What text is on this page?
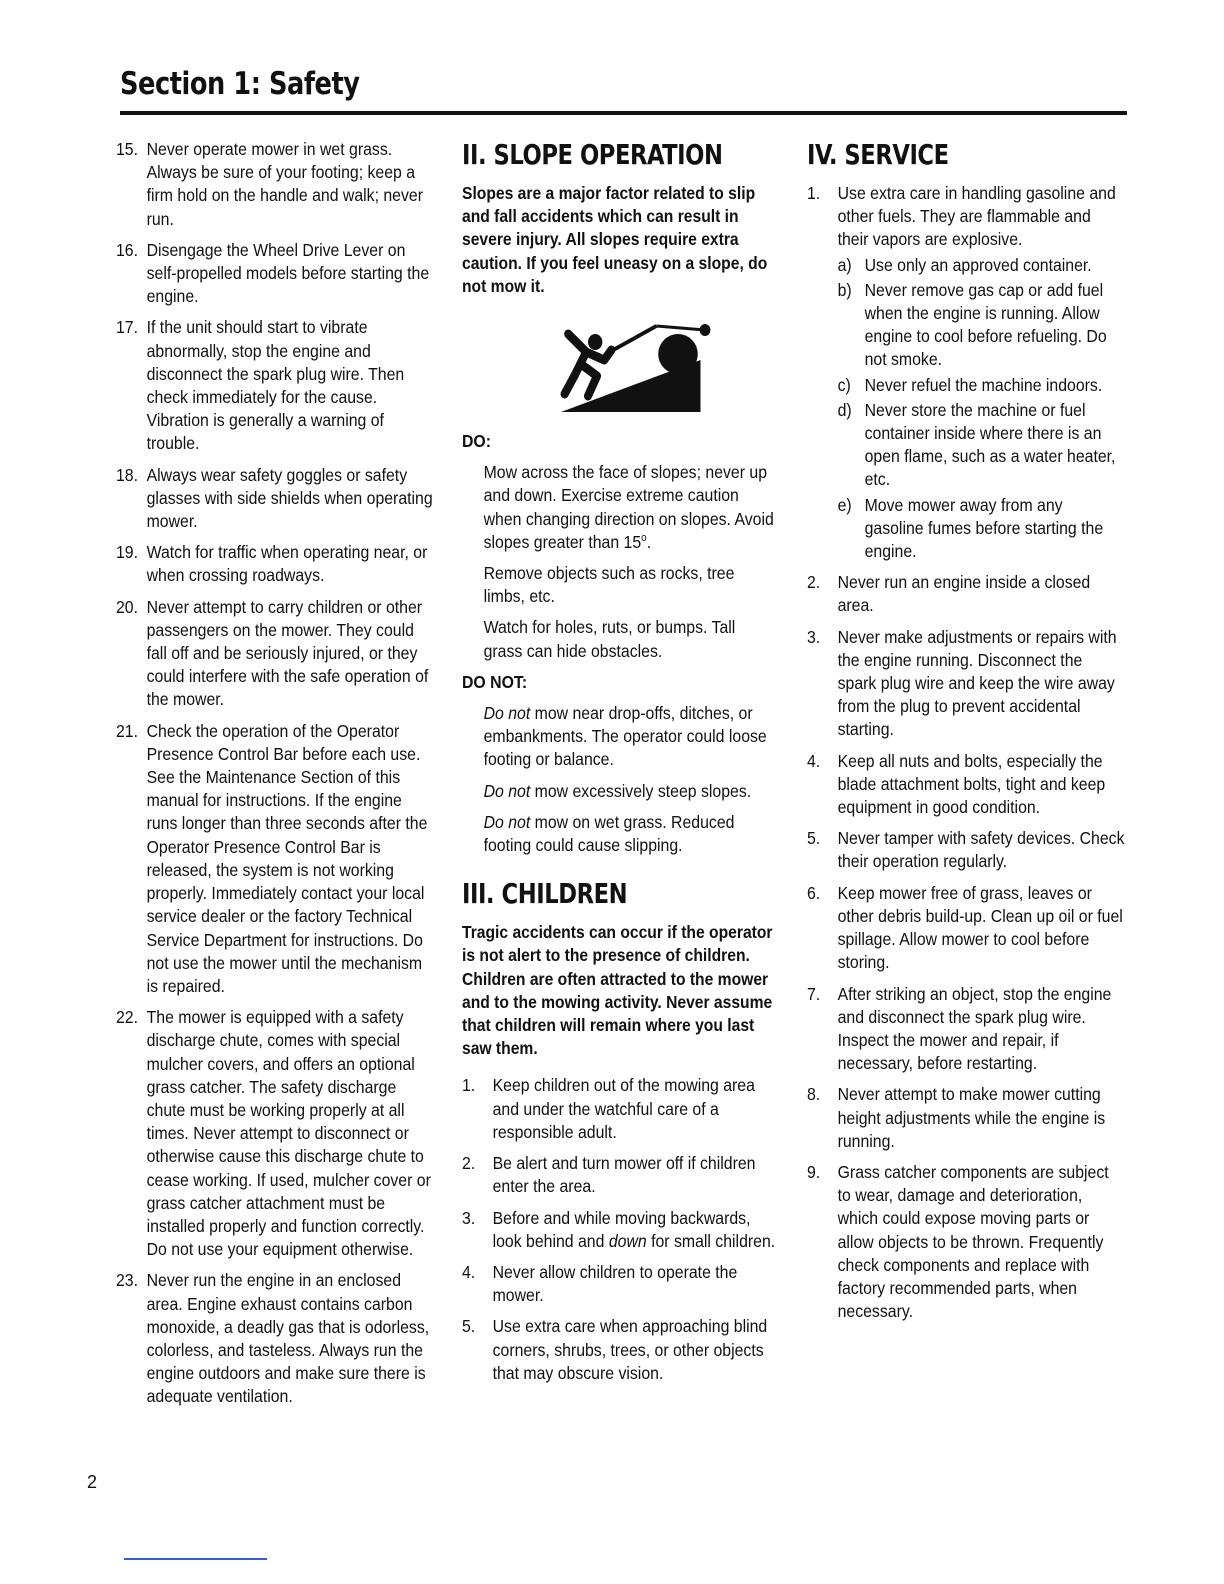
Section 1: Safety
15. Never operate mower in wet grass. Always be sure of your footing; keep a firm hold on the handle and walk; never run.
16. Disengage the Wheel Drive Lever on self-propelled models before starting the engine.
17. If the unit should start to vibrate abnormally, stop the engine and disconnect the spark plug wire. Then check immediately for the cause. Vibration is generally a warning of trouble.
18. Always wear safety goggles or safety glasses with side shields when operating mower.
19. Watch for traffic when operating near, or when crossing roadways.
20. Never attempt to carry children or other passengers on the mower. They could fall off and be seriously injured, or they could interfere with the safe operation of the mower.
21. Check the operation of the Operator Presence Control Bar before each use. See the Maintenance Section of this manual for instructions. If the engine runs longer than three seconds after the Operator Presence Control Bar is released, the system is not working properly. Immediately contact your local service dealer or the factory Technical Service Department for instructions. Do not use the mower until the mechanism is repaired.
22. The mower is equipped with a safety discharge chute, comes with special mulcher covers, and offers an optional grass catcher. The safety discharge chute must be working properly at all times. Never attempt to disconnect or otherwise cause this discharge chute to cease working. If used, mulcher cover or grass catcher attachment must be installed properly and function correctly. Do not use your equipment otherwise.
23. Never run the engine in an enclosed area. Engine exhaust contains carbon monoxide, a deadly gas that is odorless, colorless, and tasteless. Always run the engine outdoors and make sure there is adequate ventilation.
II. SLOPE OPERATION

Slopes are a major factor related to slip and fall accidents which can result in severe injury. All slopes require extra caution. If you feel uneasy on a slope, do not mow it.

DO:

Mow across the face of slopes; never up and down. Exercise extreme caution when changing direction on slopes. Avoid slopes greater than 15$^o$.

Remove objects such as rocks, tree limbs, etc.

Watch for holes, ruts, or bumps. Tall grass can hide obstacles.

DO NOT:

Do not mow near drop-offs, ditches, or embankments. The operator could loose footing or balance.

Do not mow excessively steep slopes.

Do not mow on wet grass. Reduced footing could cause slipping.

III. CHILDREN

Tragic accidents can occur if the operator is not alert to the presence of children. Children are often attracted to the mower and to the mowing activity. Never assume that children will remain where you last saw them.

1. Keep children out of the mowing area and under the watchful care of a responsible adult.
2. Be alert and turn mower off if children enter the area.
3. Before and while moving backwards, look behind and down for small children.
4. Never allow children to operate the mower.
5. Use extra care when approaching blind corners, shrubs, trees, or other objects that may obscure vision.
IV. SERVICE
1. Use extra care in handling gasoline and other fuels. They are flammable and their vapors are explosive.
a) Use only an approved container.
b) Never remove gas cap or add fuel when the engine is running. Allow engine to cool before refueling. Do not smoke.
c) Never refuel the machine indoors.
d) Never store the machine or fuel container inside where there is an open flame, such as a water heater, etc.
e) Move mower away from any gasoline fumes before starting the engine.
2. Never run an engine inside a closed area.
3. Never make adjustments or repairs with the engine running. Disconnect the spark plug wire and keep the wire away from the plug to prevent accidental starting.
4. Keep all nuts and bolts, especially the blade attachment bolts, tight and keep equipment in good condition.
5. Never tamper with safety devices. Check their operation regularly.
6. Keep mower free of grass, leaves or other debris build-up. Clean up oil or fuel spillage. Allow mower to cool before storing.
7. After striking an object, stop the engine and disconnect the spark plug wire. Inspect the mower and repair, if necessary, before restarting.
8. Never attempt to make mower cutting height adjustments while the engine is running.
9. Grass catcher components are subject to wear, damage and deterioration, which could expose moving parts or allow objects to be thrown. Frequently check components and replace with factory recommended parts, when necessary.
2
